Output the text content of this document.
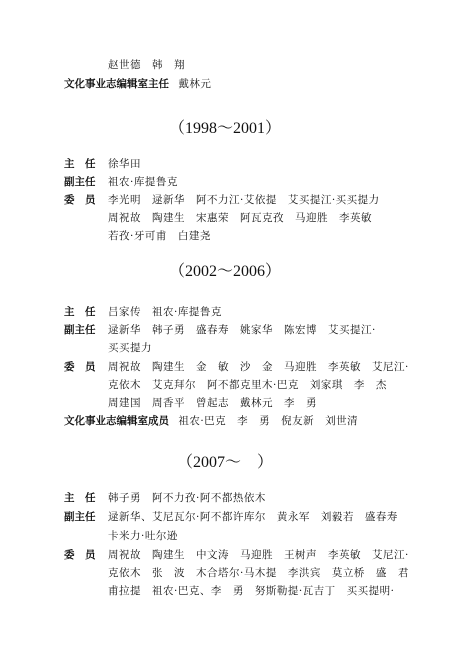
赵世德　韩　翔
文化事业志编辑室主任 戴林元
（1998～2001）
主　任 徐华田
副主任 祖农·库提鲁克
委　员 李光明　逯新华　阿不力江·艾依提　艾买提江·买买提力
周祝故　陶建生　宋惠荣　阿瓦克孜　马迎胜　李英敏
若孜·牙可甫　白建尧
（2002～2006）
主　任 吕家传　祖农·库提鲁克
副主任 逯新华　韩子勇　盛春寿　姚家华　陈宏博　艾买提江·
买买提力
委　员 周祝故　陶建生　金　敏　沙　金　马迎胜　李英敏　艾尼江·
克依木　艾克拜尔　阿不都克里木·巴克　刘家琪　李　杰
周建国　周香平　曾起志　戴林元　李　勇
文化事业志编辑室成员 祖农·巴克　李　勇　倪友新　刘世清
（2007～　）
主　任 韩子勇　阿不力孜·阿不都热依木
副主任 逯新华、艾尼瓦尔·阿不都许库尔　黄永军　刘毅若　盛春寿
卡米力·吐尔逊
委　员 周祝故　陶建生　中文涛　马迎胜　王树声　李英敏　艾尼江·
克依木　张　波　木合塔尔·马木提　李洪宾　莫立桥　盛　君
甫拉提　祖农·巴克、李　勇　努斯勒提·瓦吉丁　买买提明·
